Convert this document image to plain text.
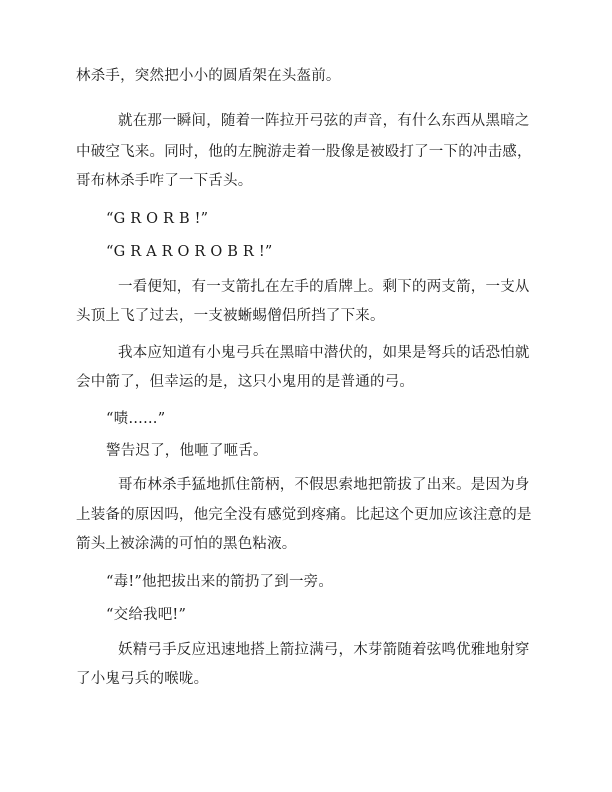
林杀手，突然把小小的圆盾架在头盔前。
就在那一瞬间，随着一阵拉开弓弦的声音，有什么东西从黑暗之
中破空飞来。同时，他的左腕游走着一股像是被殴打了一下的冲击感，
哥布林杀手咋了一下舌头。
“G R O R B !”
“G R A R O R O B R !”
一看便知，有一支箭扎在左手的盾牌上。剩下的两支箭，一支从
头顶上飞了过去，一支被蜥蜴僧侣所挡了下来。
我本应知道有小鬼弓兵在黑暗中潜伏的，如果是弩兵的话恐怕就
会中箭了，但幸运的是，这只小鬼用的是普通的弓。
“啧……”
警告迟了，他咂了咂舌。
哥布林杀手猛地抓住箭柄，不假思索地把箭拔了出来。是因为身
上装备的原因吗，他完全没有感觉到疼痛。比起这个更加应该注意的是
箭头上被涂满的可怕的黑色粘液。
“毒!”他把拔出来的箭扔了到一旁。
“交给我吧!”
妖精弓手反应迅速地搭上箭拉满弓，木芽箭随着弦鸣优雅地射穿
了小鬼弓兵的喉咙。
